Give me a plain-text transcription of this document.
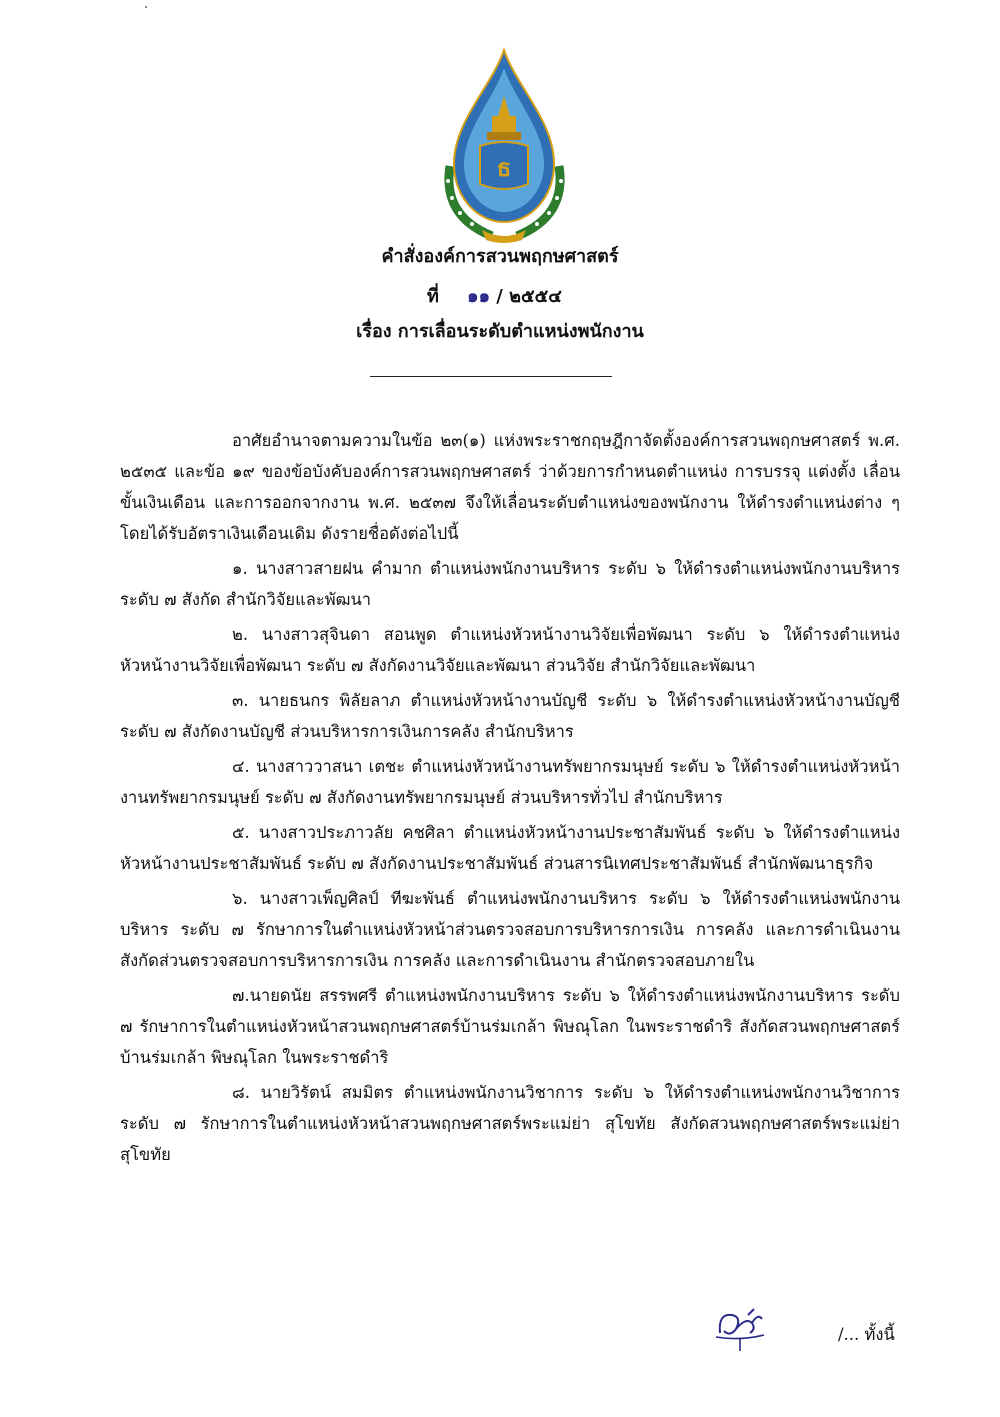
ธ
คำสั่งองค์การสวนพฤกษศาสตร์
ที่ ๑๑ / ๒๕๕๔
เรื่อง การเลื่อนระดับตำแหน่งพนักงาน

อาศัยอำนาจตามความในข้อ ๒๓(๑) แห่งพระราชกฤษฎีกาจัดตั้งองค์การสวนพฤกษศาสตร์ พ.ศ. ๒๕๓๕ และข้อ ๑๙ ของข้อบังคับองค์การสวนพฤกษศาสตร์ ว่าด้วยการกำหนดตำแหน่ง การบรรจุ แต่งตั้ง เลื่อนขั้นเงินเดือน และการออกจากงาน พ.ศ. ๒๕๓๗ จึงให้เลื่อนระดับตำแหน่งของพนักงาน ให้ดำรงตำแหน่งต่าง ๆ โดยได้รับอัตราเงินเดือนเดิม ดังรายชื่อดังต่อไปนี้

๑. นางสาวสายฝน คำมาก ตำแหน่งพนักงานบริหาร ระดับ ๖ ให้ดำรงตำแหน่งพนักงานบริหาร ระดับ ๗ สังกัด สำนักวิจัยและพัฒนา

๒. นางสาวสุจินดา สอนพูด ตำแหน่งหัวหน้างานวิจัยเพื่อพัฒนา ระดับ ๖ ให้ดำรงตำแหน่งหัวหน้างานวิจัยเพื่อพัฒนา ระดับ ๗ สังกัดงานวิจัยและพัฒนา ส่วนวิจัย สำนักวิจัยและพัฒนา

๓. นายธนกร พิลัยลาภ ตำแหน่งหัวหน้างานบัญชี ระดับ ๖ ให้ดำรงตำแหน่งหัวหน้างานบัญชี ระดับ ๗ สังกัดงานบัญชี ส่วนบริหารการเงินการคลัง สำนักบริหาร

๔. นางสาววาสนา เตชะ ตำแหน่งหัวหน้างานทรัพยากรมนุษย์ ระดับ ๖ ให้ดำรงตำแหน่งหัวหน้างานทรัพยากรมนุษย์ ระดับ ๗ สังกัดงานทรัพยากรมนุษย์ ส่วนบริหารทั่วไป สำนักบริหาร

๕. นางสาวประภาวลัย คชศิลา ตำแหน่งหัวหน้างานประชาสัมพันธ์ ระดับ ๖ ให้ดำรงตำแหน่งหัวหน้างานประชาสัมพันธ์ ระดับ ๗ สังกัดงานประชาสัมพันธ์ ส่วนสารนิเทศประชาสัมพันธ์ สำนักพัฒนาธุรกิจ

๖. นางสาวเพ็ญศิลป์ ทีฆะพันธ์ ตำแหน่งพนักงานบริหาร ระดับ ๖ ให้ดำรงตำแหน่งพนักงานบริหาร ระดับ ๗ รักษาการในตำแหน่งหัวหน้าส่วนตรวจสอบการบริหารการเงิน การคลัง และการดำเนินงาน สังกัดส่วนตรวจสอบการบริหารการเงิน การคลัง และการดำเนินงาน สำนักตรวจสอบภายใน

๗.นายดนัย สรรพศรี ตำแหน่งพนักงานบริหาร ระดับ ๖ ให้ดำรงตำแหน่งพนักงานบริหาร ระดับ ๗ รักษาการในตำแหน่งหัวหน้าสวนพฤกษศาสตร์บ้านร่มเกล้า พิษณุโลก ในพระราชดำริ สังกัดสวนพฤกษศาสตร์บ้านร่มเกล้า พิษณุโลก ในพระราชดำริ

๘. นายวิรัตน์ สมมิตร ตำแหน่งพนักงานวิชาการ ระดับ ๖ ให้ดำรงตำแหน่งพนักงานวิชาการ ระดับ ๗ รักษาการในตำแหน่งหัวหน้าสวนพฤกษศาสตร์พระแม่ย่า สุโขทัย สังกัดสวนพฤกษศาสตร์พระแม่ย่า สุโขทัย

/... ทั้งนี้
